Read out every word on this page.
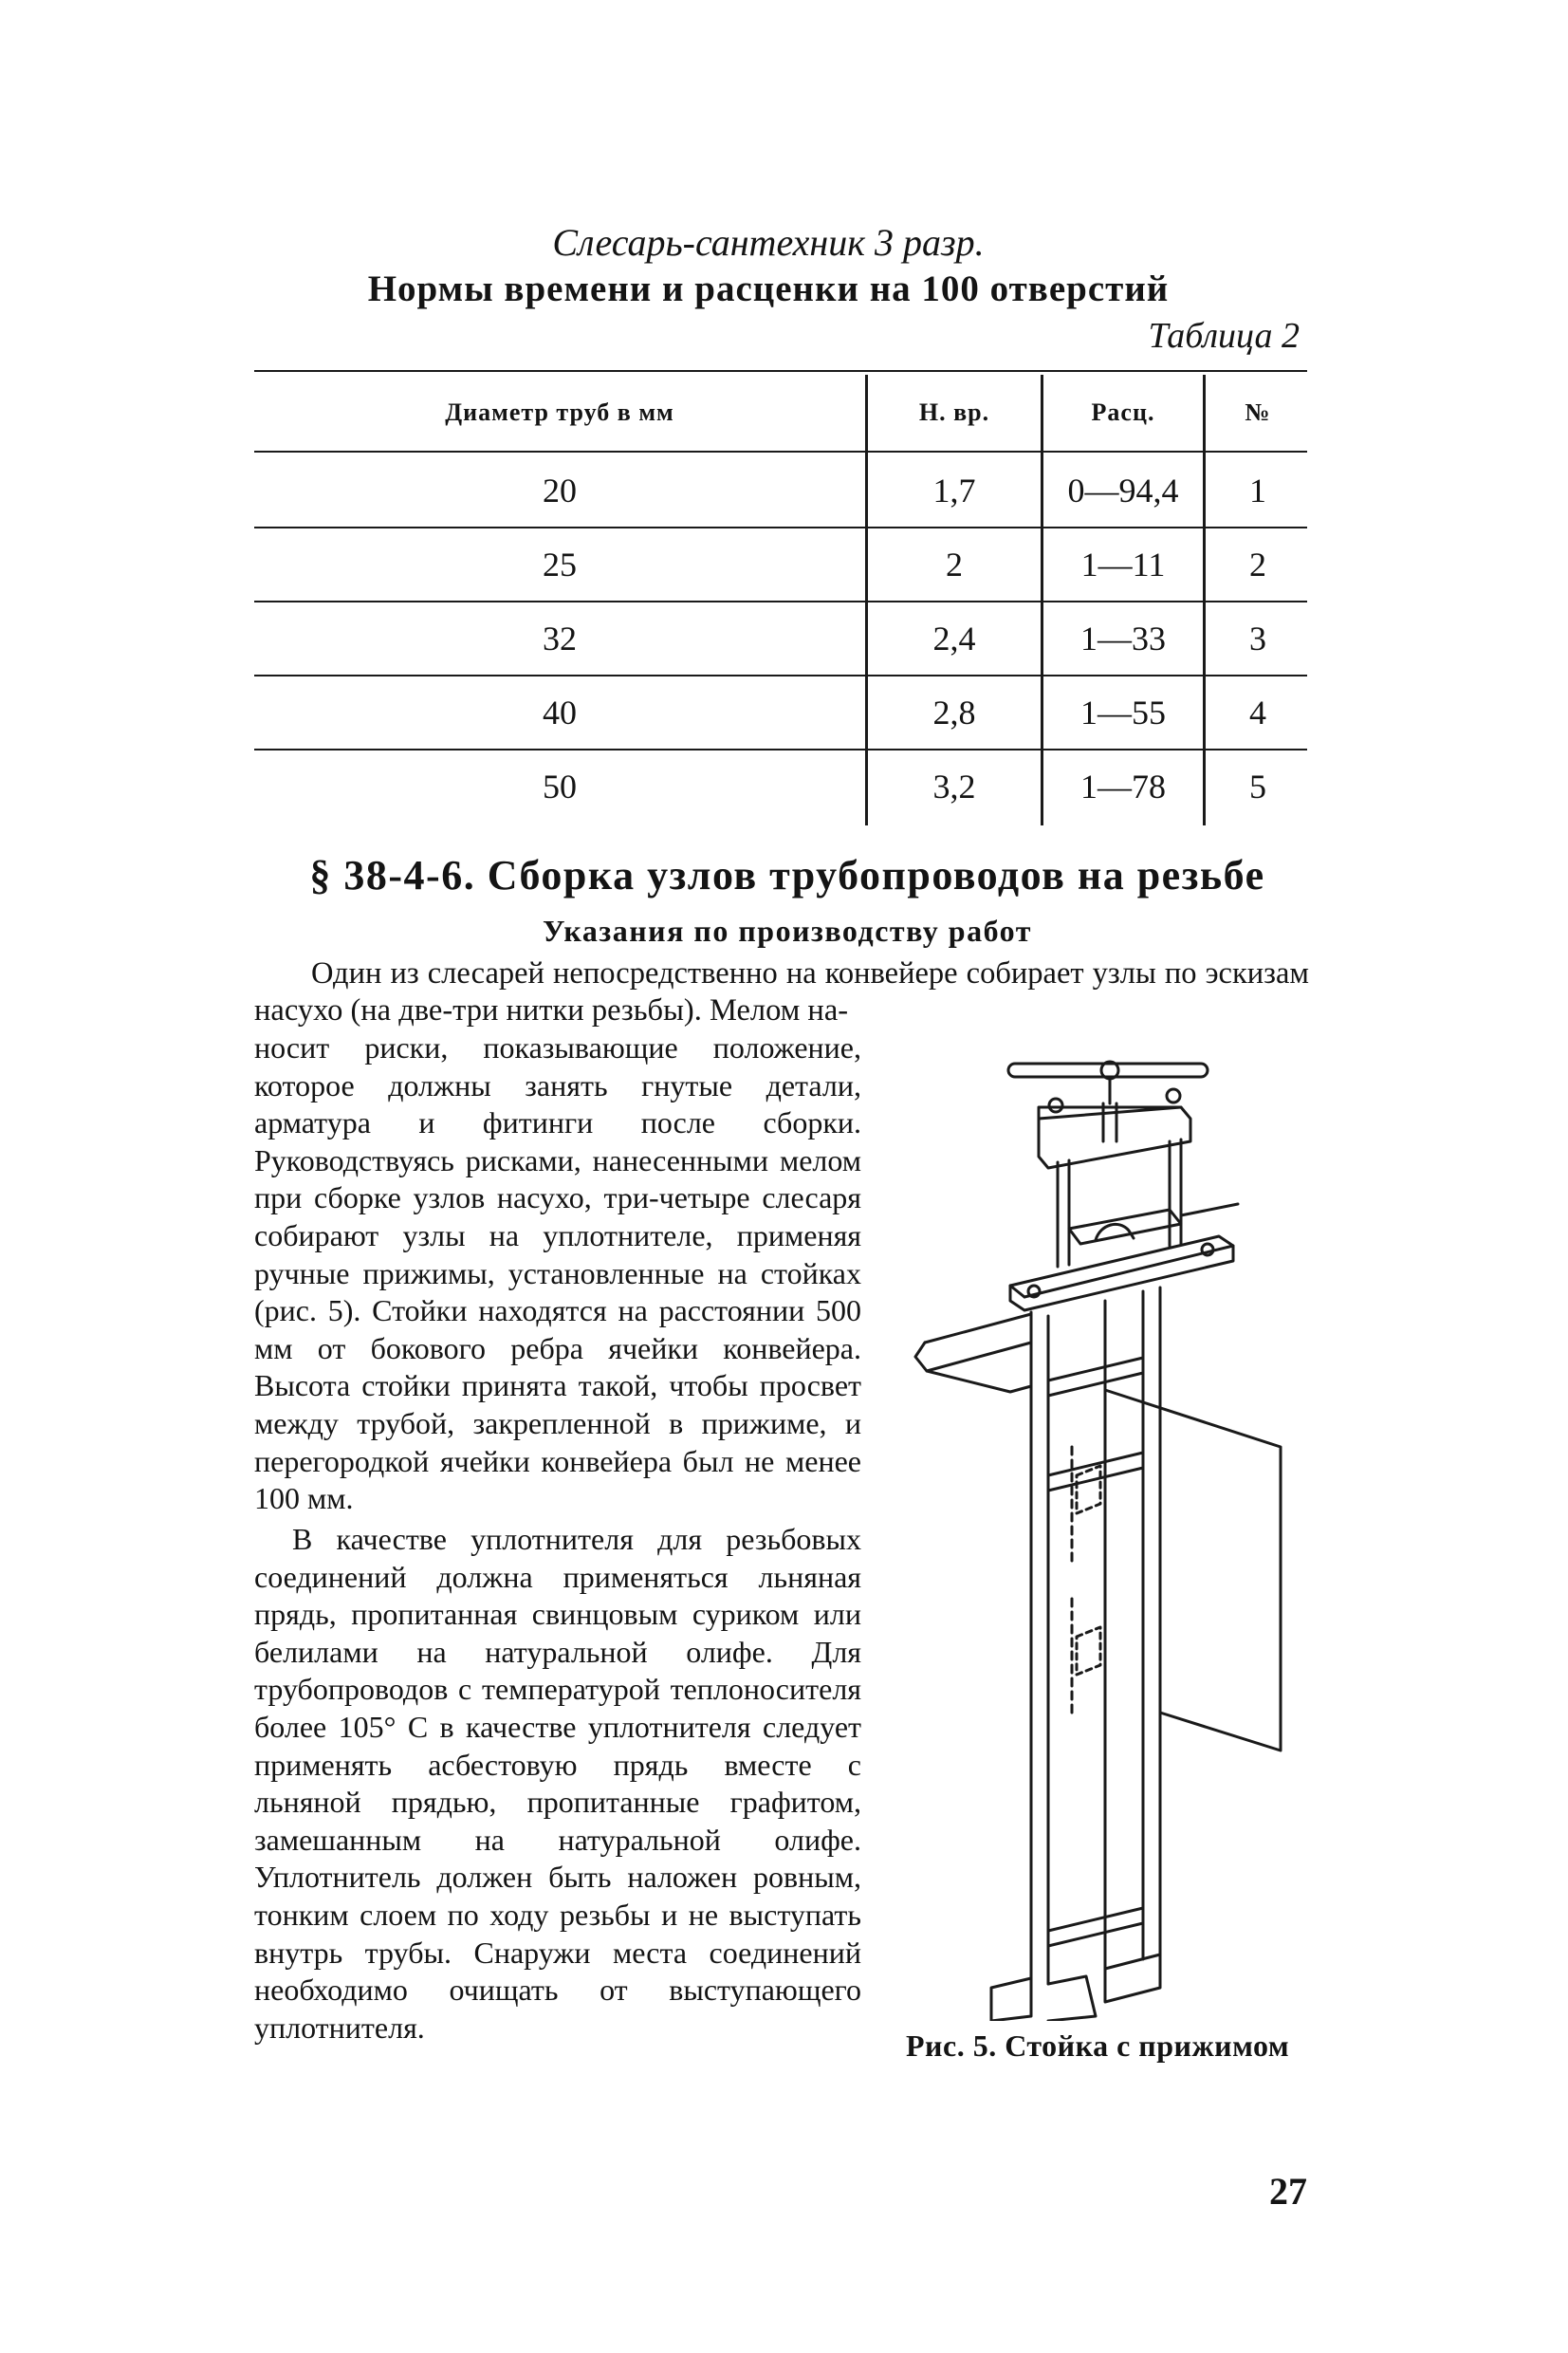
Слесарь-сантехник 3 разр.
Нормы времени и расценки на 100 отверстий
Таблица 2
Диаметр труб в мм	Н. вр.	Расц.	№
20	1,7	0—94,4	1
25	2	1—11	2
32	2,4	1—33	3
40	2,8	1—55	4
50	3,2	1—78	5
§ 38-4-6. Сборка узлов трубопроводов на резьбе
Указания по производству работ
Один из слесарей непосредственно на конвейере собирает узлы по эскизам насухо (на две-три нитки резьбы). Мелом на-
носит риски, показывающие положение, которое должны занять гнутые детали, арматура и фитинги после сборки. Руководствуясь рисками, нанесенными мелом при сборке узлов насухо, три-четыре слесаря собирают узлы на уплотнителе, применяя ручные прижимы, установленные на стойках (рис. 5). Стойки находятся на расстоянии 500 мм от бокового ребра ячейки конвейера. Высота стойки принята такой, чтобы просвет между трубой, закрепленной в прижиме, и перегородкой ячейки конвейера был не менее 100 мм.
В качестве уплотнителя для резьбовых соединений должна применяться льняная прядь, пропитанная свинцовым суриком или белилами на натуральной олифе. Для трубопроводов с температурой теплоносителя более 105° С в качестве уплотнителя следует применять асбестовую прядь вместе с льняной прядью, пропитанные графитом, замешанным на натуральной олифе. Уплотнитель должен быть наложен ровным, тонким слоем по ходу резьбы и не выступать внутрь трубы. Снаружи места соединений необходимо очищать от выступающего уплотнителя.
Рис. 5. Стойка с прижимом
27
